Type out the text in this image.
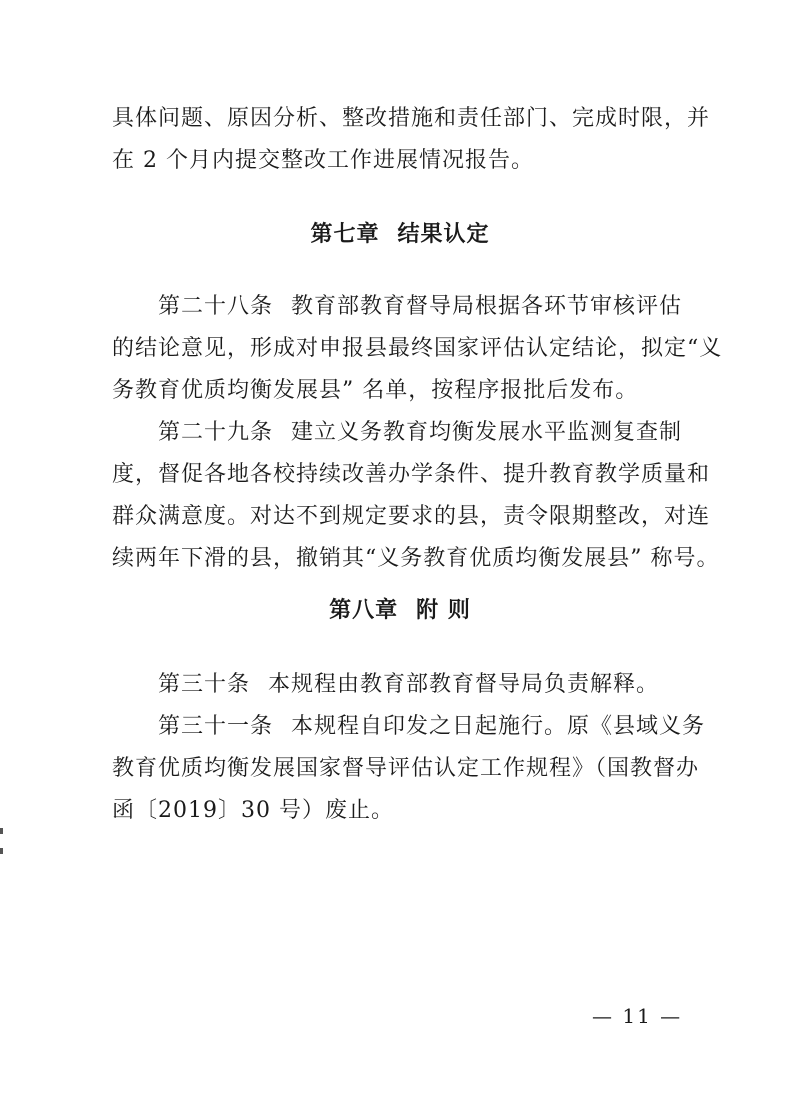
具体问题、原因分析、整改措施和责任部门、完成时限，并
在 2 个月内提交整改工作进展情况报告。
第七章 结果认定
第二十八条 教育部教育督导局根据各环节审核评估
的结论意见，形成对申报县最终国家评估认定结论，拟定“义
务教育优质均衡发展县” 名单，按程序报批后发布。
第二十九条 建立义务教育均衡发展水平监测复查制
度，督促各地各校持续改善办学条件、提升教育教学质量和
群众满意度。对达不到规定要求的县，责令限期整改，对连
续两年下滑的县，撤销其“义务教育优质均衡发展县” 称号。
第八章 附 则
第三十条 本规程由教育部教育督导局负责解释。
第三十一条 本规程自印发之日起施行。原《县域义务
教育优质均衡发展国家督导评估认定工作规程》（国教督办
函〔2019〕30 号）废止。
— 11 —
